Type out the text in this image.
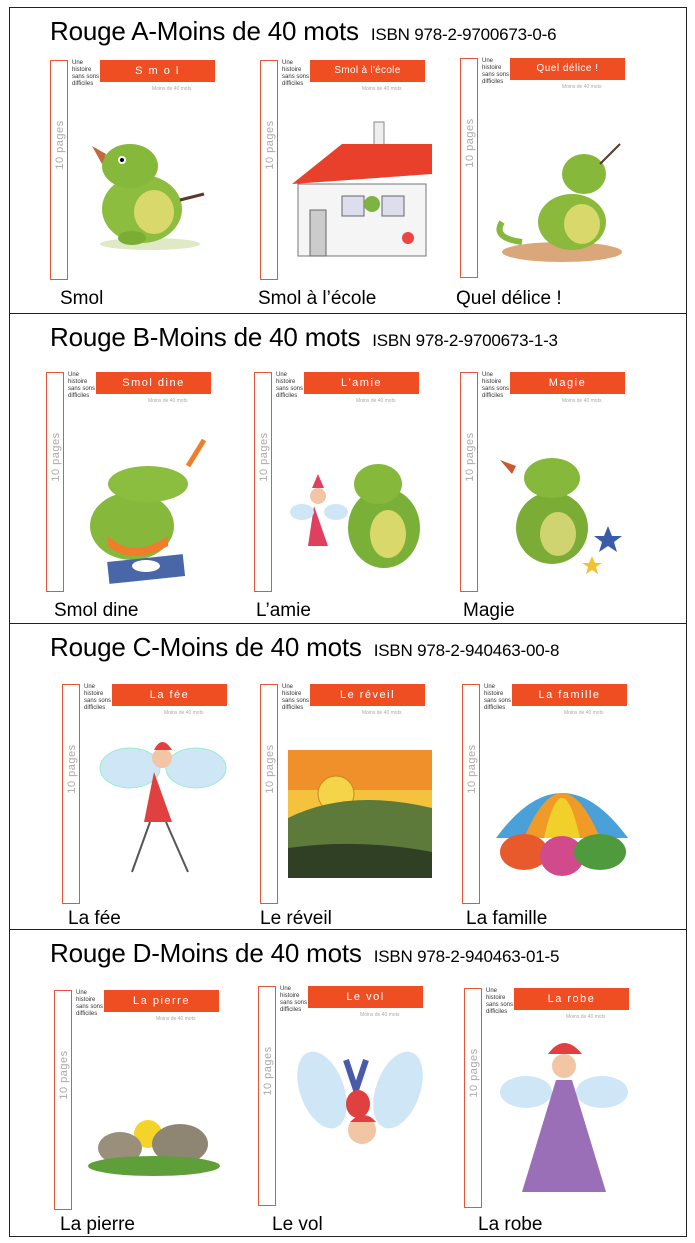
Rouge A-Moins de 40 mots ISBN 978-2-9700673-0-6
10 pages
Une
histoire
sans sons
difficiles
S m o l
Moins de 40 mots
Smol
10 pages
Une
histoire
sans sons
difficiles
Smol à l'école
Moins de 40 mots
Smol à l’école
10 pages
Une
histoire
sans sons
difficiles
Quel délice !
Moins de 40 mots
Quel délice !
Rouge B-Moins de 40 mots ISBN 978-2-9700673-1-3
10 pages
Une
histoire
sans sons
difficiles
Smol dine
Moins de 40 mots
Smol dine
10 pages
Une
histoire
sans sons
difficiles
L'amie
Moins de 40 mots
L’amie
10 pages
Une
histoire
sans sons
difficiles
Magie
Moins de 40 mots
Magie
Rouge C-Moins de 40 mots ISBN 978-2-940463-00-8
10 pages
Une
histoire
sans sons
difficiles
La fée
Moins de 40 mots
La fée
10 pages
Une
histoire
sans sons
difficiles
Le réveil
Moins de 40 mots
Le réveil
10 pages
Une
histoire
sans sons
difficiles
La famille
Moins de 40 mots
La famille
Rouge D-Moins de 40 mots ISBN 978-2-940463-01-5
10 pages
Une
histoire
sans sons
difficiles
La pierre
Moins de 40 mots
La pierre
10 pages
Une
histoire
sans sons
difficiles
Le vol
Moins de 40 mots
Le vol
10 pages
Une
histoire
sans sons
difficiles
La robe
Moins de 40 mots
La robe
